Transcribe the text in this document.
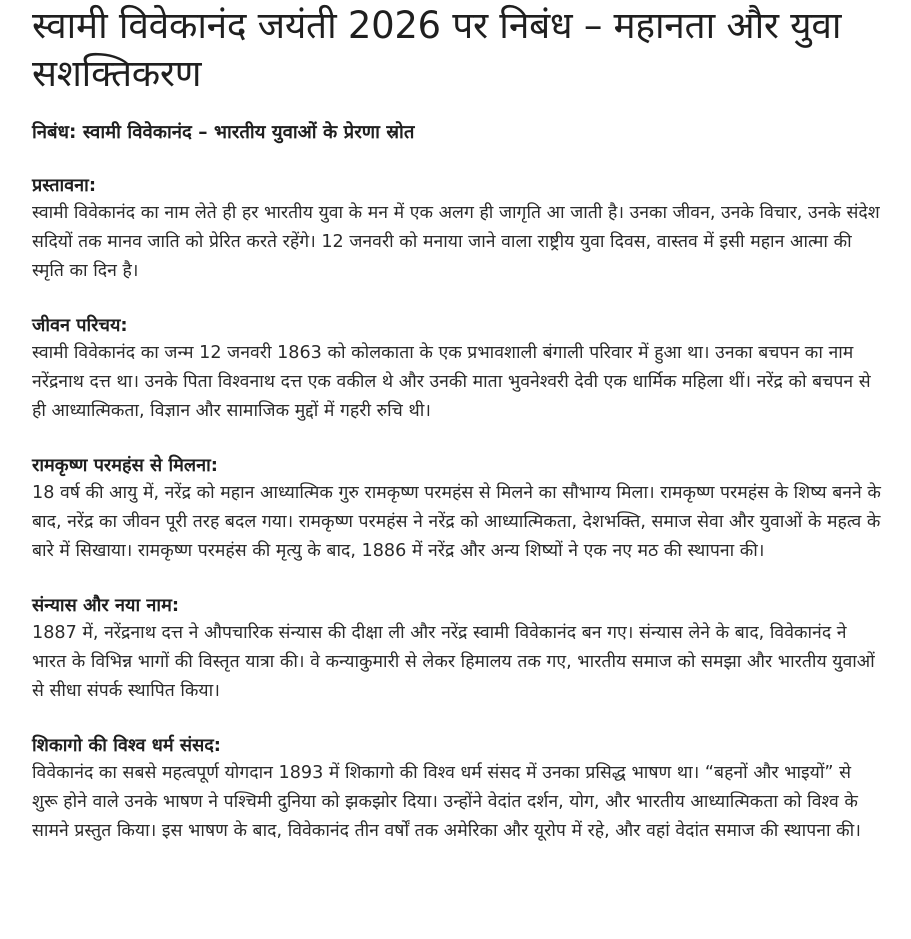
स्वामी विवेकानंद जयंती 2026 पर निबंध – महानता और युवा सशक्तिकरण

निबंध: स्वामी विवेकानंद – भारतीय युवाओं के प्रेरणा स्रोत

प्रस्तावना:

स्वामी विवेकानंद का नाम लेते ही हर भारतीय युवा के मन में एक अलग ही जागृति आ जाती है। उनका जीवन, उनके विचार, उनके संदेश सदियों तक मानव जाति को प्रेरित करते रहेंगे। 12 जनवरी को मनाया जाने वाला राष्ट्रीय युवा दिवस, वास्तव में इसी महान आत्मा की स्मृति का दिन है।

जीवन परिचय:

स्वामी विवेकानंद का जन्म 12 जनवरी 1863 को कोलकाता के एक प्रभावशाली बंगाली परिवार में हुआ था। उनका बचपन का नाम नरेंद्रनाथ दत्त था। उनके पिता विश्वनाथ दत्त एक वकील थे और उनकी माता भुवनेश्वरी देवी एक धार्मिक महिला थीं। नरेंद्र को बचपन से ही आध्यात्मिकता, विज्ञान और सामाजिक मुद्दों में गहरी रुचि थी।

रामकृष्ण परमहंस से मिलना:

18 वर्ष की आयु में, नरेंद्र को महान आध्यात्मिक गुरु रामकृष्ण परमहंस से मिलने का सौभाग्य मिला। रामकृष्ण परमहंस के शिष्य बनने के बाद, नरेंद्र का जीवन पूरी तरह बदल गया। रामकृष्ण परमहंस ने नरेंद्र को आध्यात्मिकता, देशभक्ति, समाज सेवा और युवाओं के महत्व के बारे में सिखाया। रामकृष्ण परमहंस की मृत्यु के बाद, 1886 में नरेंद्र और अन्य शिष्यों ने एक नए मठ की स्थापना की।

संन्यास और नया नाम:

1887 में, नरेंद्रनाथ दत्त ने औपचारिक संन्यास की दीक्षा ली और नरेंद्र स्वामी विवेकानंद बन गए। संन्यास लेने के बाद, विवेकानंद ने भारत के विभिन्न भागों की विस्तृत यात्रा की। वे कन्याकुमारी से लेकर हिमालय तक गए, भारतीय समाज को समझा और भारतीय युवाओं से सीधा संपर्क स्थापित किया।

शिकागो की विश्व धर्म संसद:

विवेकानंद का सबसे महत्वपूर्ण योगदान 1893 में शिकागो की विश्व धर्म संसद में उनका प्रसिद्ध भाषण था। “बहनों और भाइयों” से शुरू होने वाले उनके भाषण ने पश्चिमी दुनिया को झकझोर दिया। उन्होंने वेदांत दर्शन, योग, और भारतीय आध्यात्मिकता को विश्व के सामने प्रस्तुत किया। इस भाषण के बाद, विवेकानंद तीन वर्षों तक अमेरिका और यूरोप में रहे, और वहां वेदांत समाज की स्थापना की।
